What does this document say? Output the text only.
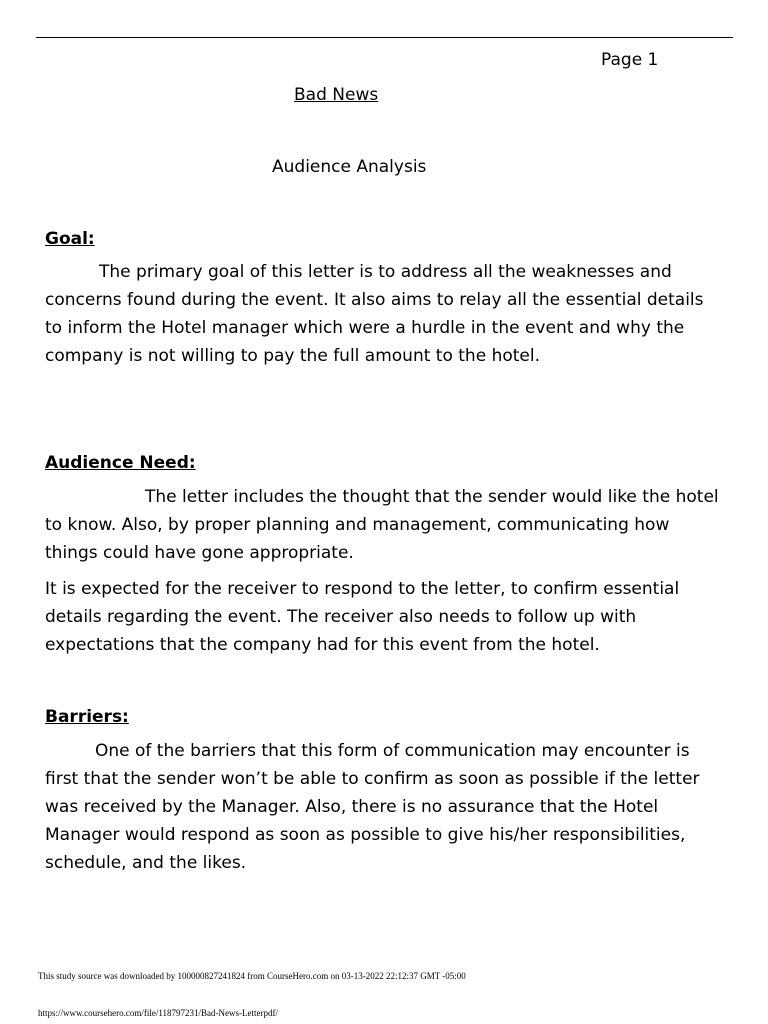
Page 1
Bad News
Audience Analysis
Goal:

The primary goal of this letter is to address all the weaknesses and concerns found during the event. It also aims to relay all the essential details to inform the Hotel manager which were a hurdle in the event and why the company is not willing to pay the full amount to the hotel.

Audience Need:

The letter includes the thought that the sender would like the hotel to know. Also, by proper planning and management, communicating how things could have gone appropriate.

It is expected for the receiver to respond to the letter, to confirm essential details regarding the event. The receiver also needs to follow up with expectations that the company had for this event from the hotel.

Barriers:

One of the barriers that this form of communication may encounter is first that the sender won’t be able to confirm as soon as possible if the letter was received by the Manager. Also, there is no assurance that the Hotel Manager would respond as soon as possible to give his/her responsibilities, schedule, and the likes.

This study source was downloaded by 100000827241824 from CourseHero.com on 03-13-2022 22:12:37 GMT -05:00
https://www.coursehero.com/file/118797231/Bad-News-Letterpdf/
